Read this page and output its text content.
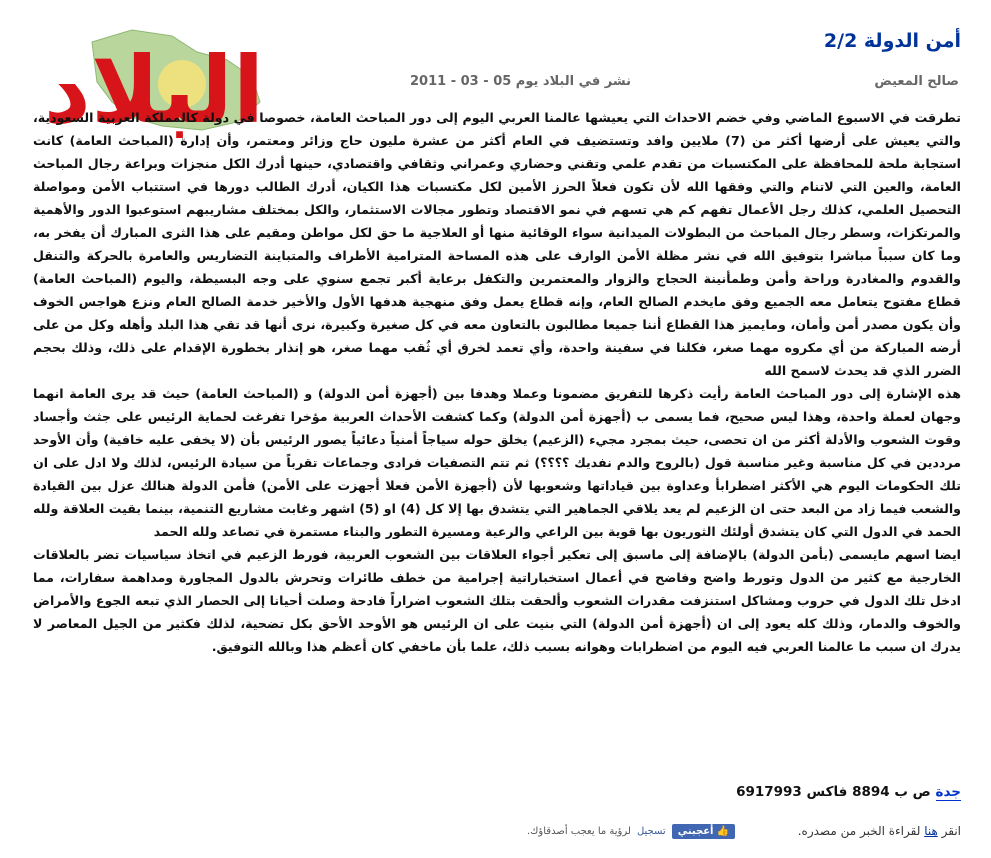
البلاد	أمن الدولة 2/2
صالح المعيض
نشر في البلاد يوم 05 - 03 - 2011

تطرقت في الاسبوع الماضي وفي خضم الاحداث التي يعيشها عالمنا العربي اليوم إلى دور المباحث العامة، خصوصا في دولة كالمملكة العربية السعودية، والتي يعيش على أرضها أكثر من (7) ملايين وافد وتستضيف في العام أكثر من عشرة مليون حاج وزائر ومعتمر، وأن إدارة (المباحث العامة) كانت استجابة ملحة للمحافظة على المكتسبات من تقدم علمي وتقني وحضاري وعمراني وثقافي واقتصادي، حينها أدرك الكل منجزات وبراعة رجال المباحث العامة، والعين التي لاتنام والتي وفقها الله لأن تكون فعلاً الحرز الأمين لكل مكتسبات هذا الكيان، أدرك الطالب دورها في استتباب الأمن ومواصلة التحصيل العلمي، كذلك رجل الأعمال تفهم كم هي تسهم في نمو الاقتصاد وتطور مجالات الاستثمار، والكل بمختلف مشاريبهم استوعبوا الدور والأهمية والمرتكزات، وسطر رجال المباحث من البطولات الميدانية سواء الوقائية منها أو العلاجية ما حق لكل مواطن ومقيم على هذا الثرى المبارك أن يفخر به، وما كان سبباً مباشرا بتوفيق الله في نشر مظلة الأمن الوارف على هذه المساحة المترامية الأطراف والمتباينة التضاريس والعامرة بالحركة والتنقل والقدوم والمغادرة وراحة وأمن وطمأنينة الحجاج والزوار والمعتمرين والتكفل برعاية أكبر تجمع سنوي على وجه البسيطة، واليوم (المباحث العامة) قطاع مفتوح يتعامل معه الجميع وفق مايخدم الصالح العام، وإنه قطاع يعمل وفق منهجية هدفها الأول والأخير خدمة الصالح العام ونزع هواجس الخوف وأن يكون مصدر أمن وأمان، ومايميز هذا القطاع أننا جميعا مطالبون بالتعاون معه في كل صغيرة وكبيرة، نرى أنها قد تقي هذا البلد وأهله وكل من على أرضه المباركة من أي مكروه مهما صغر، فكلنا في سفينة واحدة، وأي تعمد لخرق أي ثُقب مهما صغر، هو إنذار بخطورة الإقدام على ذلك، وذلك بحجم الضرر الذي قد يحدث لاسمح الله

هذه الإشارة إلى دور المباحث العامة رأيت ذكرها للتفريق مضمونا وعملا وهدفا بين (أجهزة أمن الدولة) و (المباحث العامة) حيث قد يرى العامة انهما وجهان لعملة واحدة، وهذا ليس صحيح، فما يسمى ب (أجهزة أمن الدولة) وكما كشفت الأحداث العربية مؤخرا تفرغت لحماية الرئيس على جثث وأجساد وقوت الشعوب والأدلة أكثر من ان تحصى، حيث بمجرد مجيء (الزعيم) يخلق حوله سياجاً أمنياً دعائياً يصور الرئيس بأن (لا يخفى عليه خافية) وأن الأوحد مرددين في كل مناسبة وغير مناسبة قول (بالروح والدم نفديك ؟؟؟؟) ثم تتم التصفيات فرادى وجماعات تقرباً من سيادة الرئيس، لذلك ولا ادل على ان تلك الحكومات اليوم هي الأكثر اضطرابأ وعداوة بين قياداتها وشعوبها لأن (أجهزة الأمن فعلا أجهزت على الأمن) فأمن الدولة هنالك عزل بين القيادة والشعب فيما زاد من البعد حتى ان الزعيم لم يعد يلاقي الجماهير التي يتشدق بها إلا كل (4) او (5) اشهر وغابت مشاريع التنمية، بينما بقيت العلاقة ولله الحمد في الدول التي كان يتشدق أولئك الثوريون بها قوية بين الراعي والرعية ومسيرة التطور والبناء مستمرة في تصاعد ولله الحمد

ايضا اسهم مايسمى (بأمن الدولة) بالإضافة إلى ماسبق إلى تعكير أجواء العلاقات بين الشعوب العربية، فورط الزعيم في اتخاذ سياسيات تضر بالعلاقات الخارجية مع كثير من الدول وتورط واضح وفاضح في أعمال استخباراتية إجرامية من خطف طائرات وتحرش بالدول المجاورة ومداهمة سفارات، مما ادخل تلك الدول في حروب ومشاكل استنزفت مقدرات الشعوب وألحقت بتلك الشعوب اضراراً فادحة وصلت أحيانا إلى الحصار الذي تبعه الجوع والأمراض والخوف والدمار، وذلك كله يعود إلى ان (أجهزة أمن الدولة) التي بنيت على ان الرئيس هو الأوحد الأحق بكل تضحية، لذلك فكثير من الجيل المعاصر لا يدرك ان سبب ما عالمنا العربي فيه اليوم من اضطرابات وهوانه بسبب ذلك، علما بأن ماخفي كان أعظم هذا وبالله التوفيق.

جدة ص ب 8894 فاكس 6917993
انقر هنا لقراءة الخبر من مصدره.
👍
أعجبني
تسجيل
لرؤية ما يعجب أصدقاؤك.
